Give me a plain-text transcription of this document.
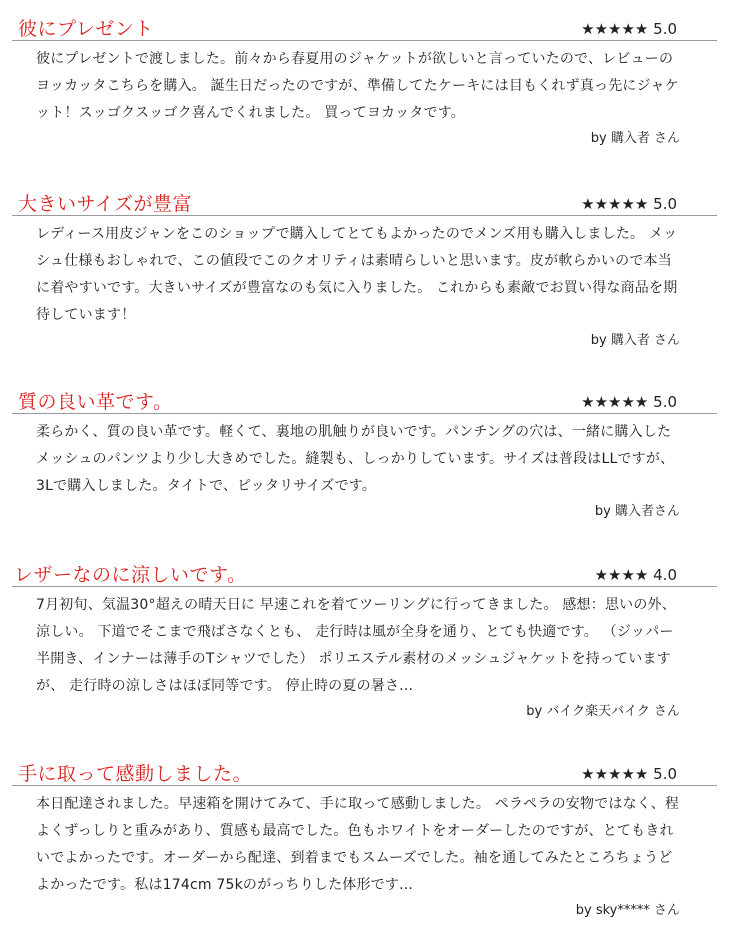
彼にプレゼント	★★★★★ 5.0
彼にプレゼントで渡しました。前々から春夏用のジャケットが欲しいと言っていたので、レビューのヨッカッタこちらを購入。 誕生日だったのですが、準備してたケーキには目もくれず真っ先にジャケット！スッゴクスッゴク喜んでくれました。 買ってヨカッタです。
by 購入者 さん
大きいサイズが豊富	★★★★★ 5.0
レディース用皮ジャンをこのショップで購入してとてもよかったのでメンズ用も購入しました。 メッシュ仕様もおしゃれで、この値段でこのクオリティは素晴らしいと思います。皮が軟らかいので本当に着やすいです。大きいサイズが豊富なのも気に入りました。 これからも素敵でお買い得な商品を期待しています！
by 購入者 さん
質の良い革です。	★★★★★ 5.0
柔らかく、質の良い革です。軽くて、裏地の肌触りが良いです。パンチングの穴は、一緒に購入したメッシュのパンツより少し大きめでした。縫製も、しっかりしています。サイズは普段はLLですが、3Lで購入しました。タイトで、ピッタリサイズです。
by 購入者さん
レザーなのに涼しいです。	★★★★ 4.0
7月初旬、気温30°超えの晴天日に 早速これを着てツーリングに行ってきました。 感想：思いの外、涼しい。 下道でそこまで飛ばさなくとも、 走行時は風が全身を通り、とても快適です。 （ジッパー半開き、インナーは薄手のTシャツでした） ポリエステル素材のメッシュジャケットを持っていますが、 走行時の涼しさはほぼ同等です。 停止時の夏の暑さ...
by バイク楽天バイク さん
手に取って感動しました。	★★★★★ 5.0
本日配達されました。早速箱を開けてみて、手に取って感動しました。 ペラペラの安物ではなく、程よくずっしりと重みがあり、質感も最高でした。色もホワイトをオーダーしたのですが、とてもきれいでよかったです。オーダーから配達、到着までもスムーズでした。袖を通してみたところちょうどよかったです。私は174cm 75kのがっちりした体形です...
by sky***** さん
